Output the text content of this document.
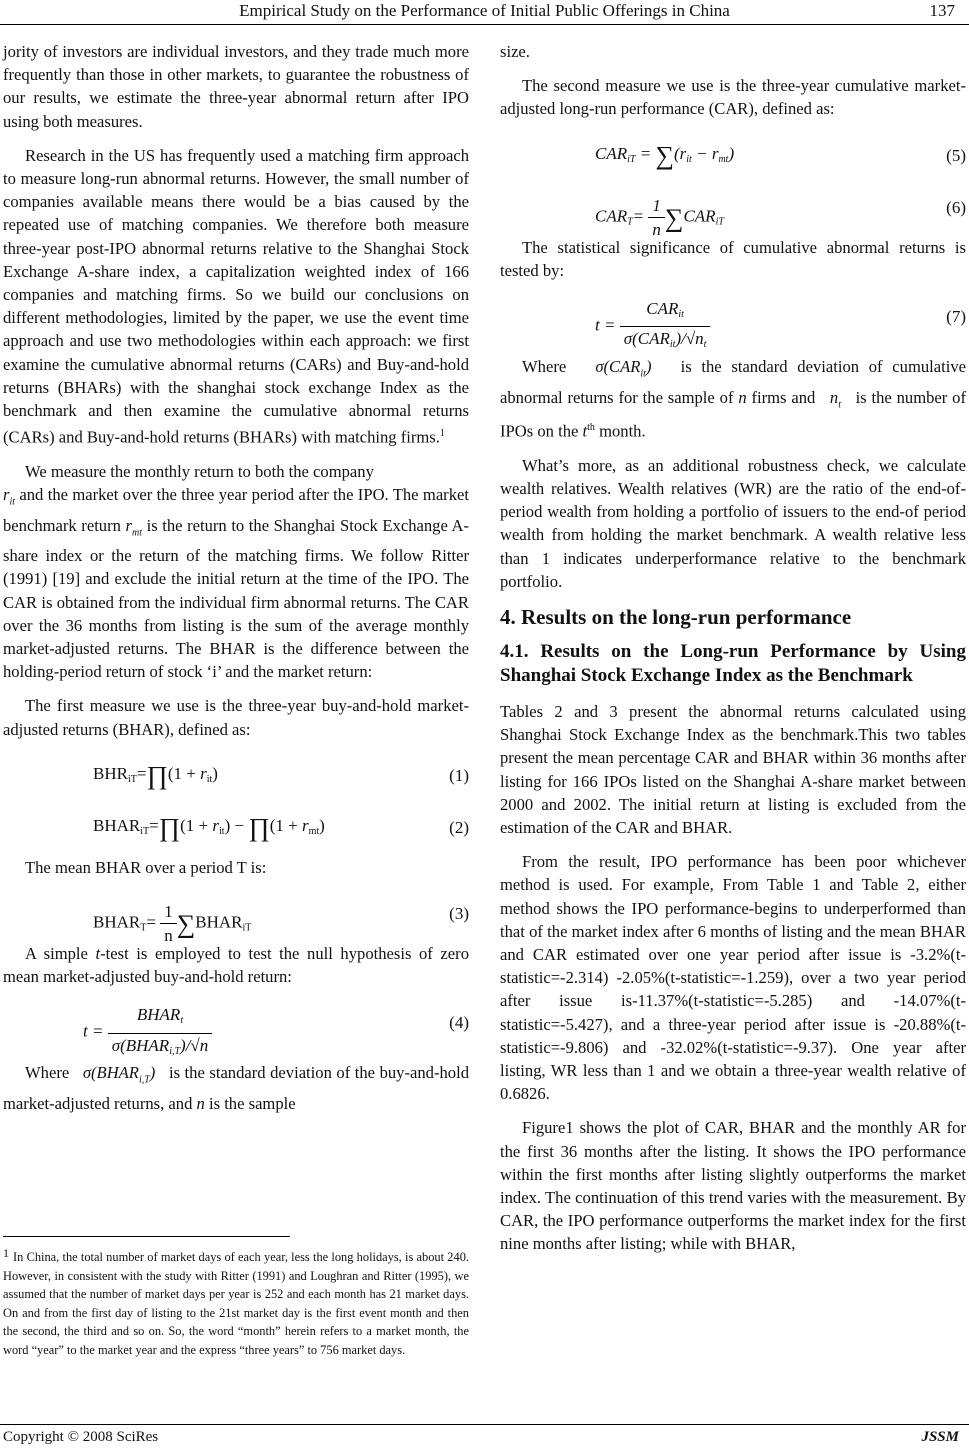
Empirical Study on the Performance of Initial Public Offerings in China	137

jority of investors are individual investors, and they trade much more frequently than those in other markets, to guarantee the robustness of our results, we estimate the three-year abnormal return after IPO using both measures.

Research in the US has frequently used a matching firm approach to measure long-run abnormal returns. However, the small number of companies available means there would be a bias caused by the repeated use of matching companies. We therefore both measure three-year post-IPO abnormal returns relative to the Shanghai Stock Exchange A-share index, a capitalization weighted index of 166 companies and matching firms. So we build our conclusions on different methodologies, limited by the paper, we use the event time approach and use two methodologies within each approach: we first examine the cumulative abnormal returns (CARs) and Buy-and-hold returns (BHARs) with the shanghai stock exchange Index as the benchmark and then examine the cumulative abnormal returns (CARs) and Buy-and-hold returns (BHARs) with matching firms.$^1$

We measure the monthly return to both the company
$r_{it}$ and the market over the three year period after the IPO. The market benchmark return $r_{mt}$ is the return to the Shanghai Stock Exchange A-share index or the return of the matching firms. We follow Ritter (1991) [19] and exclude the initial return at the time of the IPO. The CAR is obtained from the individual firm abnormal returns. The CAR over the 36 months from listing is the sum of the average monthly market-adjusted returns. The BHAR is the difference between the holding-period return of stock ‘i’ and the market return:

The first measure we use is the three-year buy-and-hold market-adjusted returns (BHAR), defined as:

$BHR_{iT}=\prod(1 + r_{it})$	(1)
$BHAR_{iT}=\prod(1 + r_{it})$ − ∏(1 + $r_{mt}$)	(2)

The mean BHAR over a period T is:

$BHAR_T= \frac{1}{n}$ $\sum BHAR_{iT}$
(3)

A simple t-test is employed to test the null hypothesis of zero mean market-adjusted buy-and-hold return:

$t = \frac{BHAR_t}{\sigma(BHAR_{i,T})/√n}$	(4)

Where $\sigma(BHAR_{i,T})$ is the standard deviation of the buy-and-hold market-adjusted returns, and n is the sample

1 In China, the total number of market days of each year, less the long holidays, is about 240. However, in consistent with the study with Ritter (1991) and Loughran and Ritter (1995), we assumed that the number of market days per year is 252 and each month has 21 market days. On and from the first day of listing to the 21st market day is the first event month and then the second, the third and so on. So, the word “month” herein refers to a market month, the word “year” to the market year and the express “three years” to 756 market days.

size.

The second measure we use is the three-year cumulative market-adjusted long-run performance (CAR), defined as:

$CAR_{iT} = \sum(r_{it} - r_{mt})$	(5)
$CAR_T= \frac{1}{n} \sum CAR_{iT}$
(6)

The statistical significance of cumulative abnormal returns is tested by:

$t = \frac{CAR_{it}}{\sigma(CAR_{it})/√n_t}$	(7)

Where $\sigma(CAR_{it})$ is the standard deviation of cumulative abnormal returns for the sample of n firms and $n_t$ is the number of IPOs on the $t^{th}$ month.

What’s more, as an additional robustness check, we calculate wealth relatives. Wealth relatives (WR) are the ratio of the end-of-period wealth from holding a portfolio of issuers to the end-of period wealth from holding the market benchmark. A wealth relative less than 1 indicates underperformance relative to the benchmark portfolio.

4. Results on the long-run performance
4.1. Results on the Long-run Performance by Using Shanghai Stock Exchange Index as the Benchmark

Tables 2 and 3 present the abnormal returns calculated using Shanghai Stock Exchange Index as the benchmark.This two tables present the mean percentage CAR and BHAR within 36 months after listing for 166 IPOs listed on the Shanghai A-share market between 2000 and 2002. The initial return at listing is excluded from the estimation of the CAR and BHAR.

From the result, IPO performance has been poor whichever method is used. For example, From Table 1 and Table 2, either method shows the IPO performance-begins to underperformed than that of the market index after 6 months of listing and the mean BHAR and CAR estimated over one year period after issue is -3.2%(t-statistic=-2.314) -2.05%(t-statistic=-1.259), over a two year period after issue is-11.37%(t-statistic=-5.285) and -14.07%(t-statistic=-5.427), and a three-year period after issue is -20.88%(t-statistic=-9.806) and -32.02%(t-statistic=-9.37). One year after listing, WR less than 1 and we obtain a three-year wealth relative of 0.6826.

Figure1 shows the plot of CAR, BHAR and the monthly AR for the first 36 months after the listing. It shows the IPO performance within the first months after listing slightly outperforms the market index. The continuation of this trend varies with the measurement. By CAR, the IPO performance outperforms the market index for the first nine months after listing; while with BHAR,

Copyright © 2008 SciRes	JSSM
